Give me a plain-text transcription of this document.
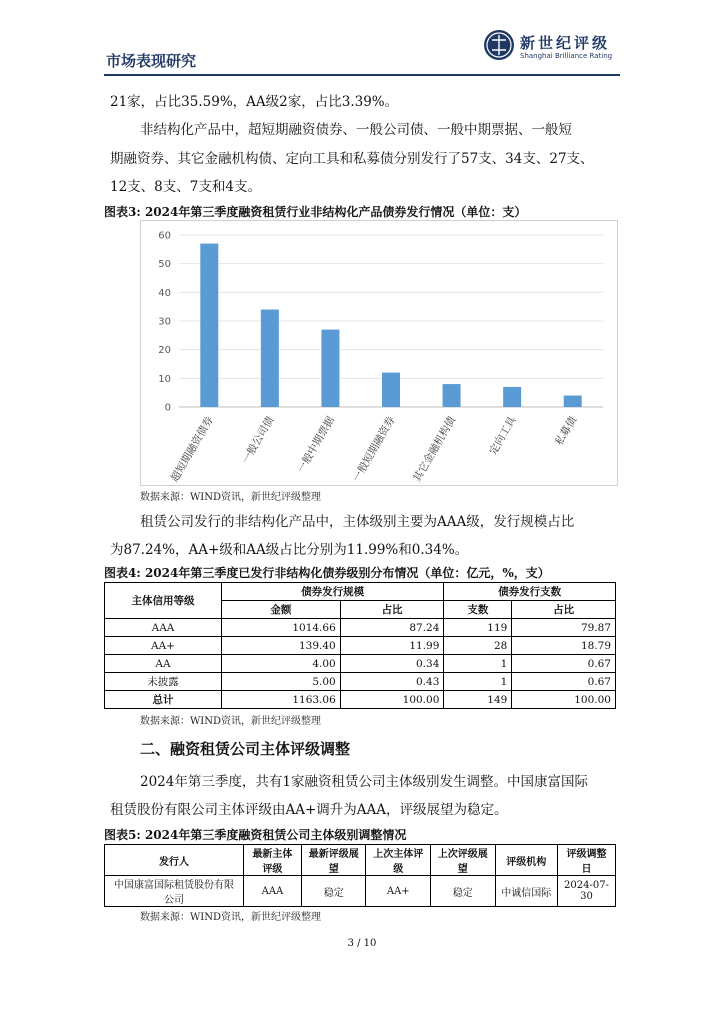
市场表现研究
新世纪评级
Shanghai Brilliance Rating
21家，占比35.59%，AA级2家，占比3.39%。
非结构化产品中，超短期融资债券、一般公司债、一般中期票据、一般短
期融资券、其它金融机构债、定向工具和私募债分别发行了57支、34支、27支、
12支、8支、7支和4支。
图表3: 2024年第三季度融资租赁行业非结构化产品债券发行情况（单位：支）
0
10
20
30
40
50
60
超短期融资债券 一般公司债 一般中期票据 一般短期融资券 其它金融机构债	定向工具	私募债
数据来源：WIND资讯，新世纪评级整理
租赁公司发行的非结构化产品中，主体级别主要为AAA级，发行规模占比
为87.24%，AA+级和AA级占比分别为11.99%和0.34%。
图表4: 2024年第三季度已发行非结构化债券级别分布情况（单位：亿元，%，支）
主体信用等级	债券发行规模		债券发行支数	
	金额	占比	支数	占比
AAA	1014.66	87.24	119	79.87
AA+	139.40	11.99	28	18.79
AA	4.00	0.34	1	0.67
未披露	5.00	0.43	1	0.67
总计	1163.06	100.00	149	100.00
数据来源：WIND资讯，新世纪评级整理
二、融资租赁公司主体评级调整
2024年第三季度，共有1家融资租赁公司主体级别发生调整。中国康富国际
租赁股份有限公司主体评级由AA+调升为AAA，评级展望为稳定。
图表5: 2024年第三季度融资租赁公司主体级别调整情况
发行人	最新主体评级	最新评级展望	上次主体评级	上次评级展望	评级机构	评级调整日
中国康富国际租赁股份有限公司	AAA	稳定	AA+	稳定	中诚信国际	2024-07-30
数据来源：WIND资讯，新世纪评级整理
3 / 10
